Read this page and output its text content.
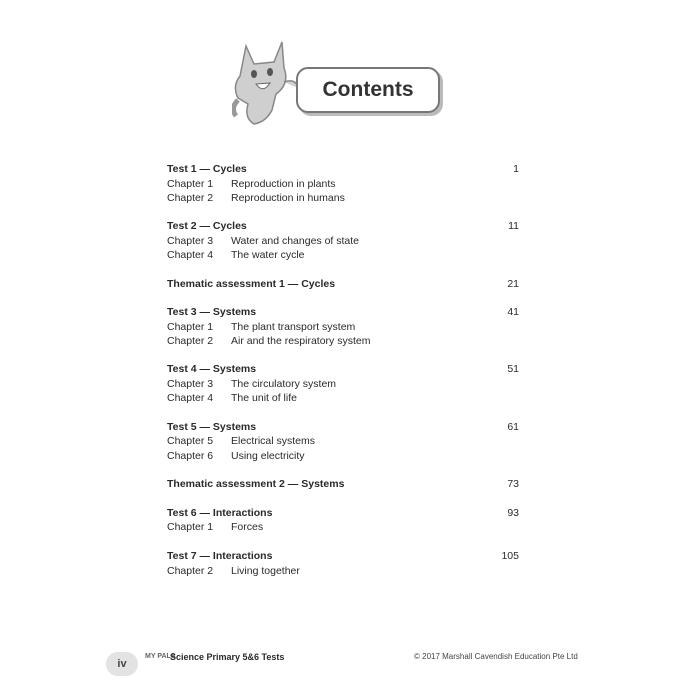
Contents
Test 1 — Cycles	1
Chapter 1 Reproduction in plants
Chapter 2 Reproduction in humans
Test 2 — Cycles	11
Chapter 3 Water and changes of state
Chapter 4 The water cycle
Thematic assessment 1 — Cycles	21
Test 3 — Systems	41
Chapter 1 The plant transport system
Chapter 2 Air and the respiratory system
Test 4 — Systems	51
Chapter 3 The circulatory system
Chapter 4 The unit of life
Test 5 — Systems	61
Chapter 5 Electrical systems
Chapter 6 Using electricity
Thematic assessment 2 — Systems	73
Test 6 — Interactions	93
Chapter 1 Forces
Test 7 — Interactions	105
Chapter 2 Living together
iv
MY PALS
Science Primary 5&6 Tests	© 2017 Marshall Cavendish Education Pte Ltd
